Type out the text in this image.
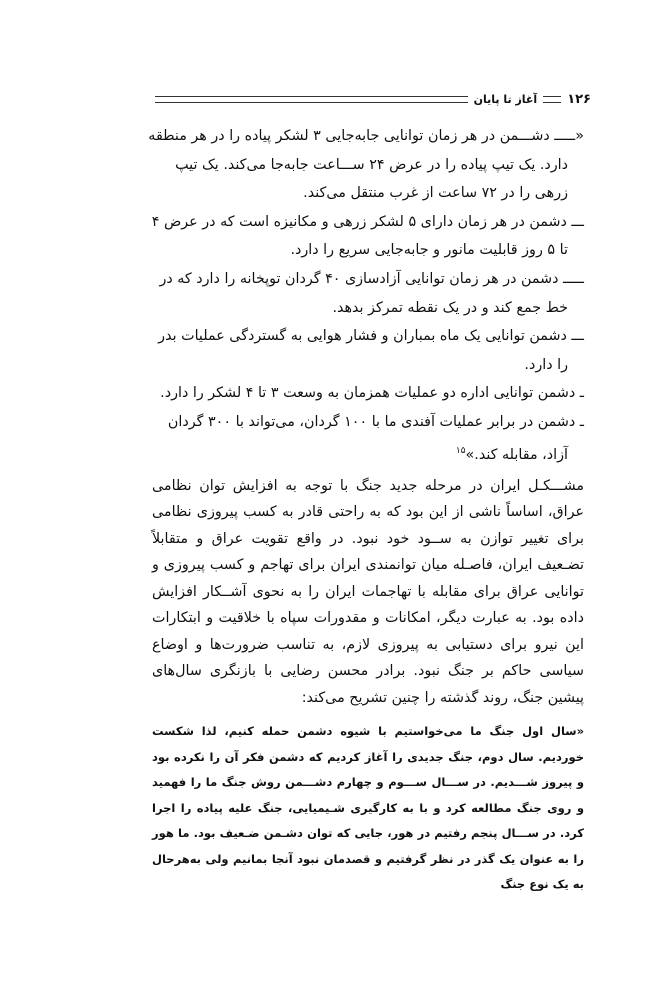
۱۲۶
آغاز تا پایان
«ـــــ دشـــمن در هر زمان توانایی جابه‌جایی ۳ لشکر پیاده را در هر منطقه
دارد. یک تیپ پیاده را در عرض ۲۴ ســـاعت جابه‌جا می‌کند. یک تیپ
زرهی را در ۷۲ ساعت از غرب منتقل می‌کند.
ـــ دشمن در هر زمان دارای ۵ لشکر زرهی و مکانیزه است که در عرض ۴
تا ۵ روز قابلیت مانور و جابه‌جایی سریع را دارد.
ـــــ دشمن در هر زمان توانایی آزادسازی ۴۰ گردان توپخانه را دارد که در
خط جمع کند و در یک نقطه تمرکز بدهد.
ـــ دشمن توانایی یک ماه بمباران و فشار هوایی به گستردگی عملیات بدر
را دارد.
ـ دشمن توانایی اداره دو عملیات همزمان به وسعت ۳ تا ۴ لشکر را دارد.
ـ دشمن در برابر عملیات آفندی ما با ۱۰۰ گردان، می‌تواند با ۳۰۰ گردان
آزاد، مقابله کند.»$^{۱۵}$

مشـــکـل ایران در مرحله جدید جنگ با توجه به افزایش توان نظامی عراق، اساساً ناشی از این بود که به راحتی قادر به کسب پیروزی نظامی برای تغییر توازن به ســود خود نبود. در واقع تقویت عراق و متقابلاً تضـعیف ایران، فاصـله میان توانمندی ایران برای تهاجم و کسب پیروزی و توانایی عراق برای مقابله با تهاجمات ایران را به نحوی آشــکار افزایش داده بود. به عبارت دیگر، امکانات و مقدورات سپاه با خلاقیت و ابتکارات این نیرو برای دستیابی به پیروزی لازم، به تناسب ضرورت‌ها و اوضاع سیاسی حاکم بر جنگ نبود. برادر محسن رضایی با بازنگری سال‌های پیشین جنگ، روند گذشته را چنین تشریح می‌کند:

«سال اول جنگ ما می‌خواستیم با شیوه دشمن حمله کنیم، لذا شکست خوردیم. سال دوم، جنگ جدیدی را آغاز کردیم که دشمن فکر آن را نکرده بود و پیروز شـــدیم. در ســـال ســـوم و چهارم دشـــمن روش جنگ ما را فهمید و روی جنگ مطالعه کرد و با به کارگیری شـیمیایی، جنگ علیه پیاده را اجرا کرد. در ســـال پنجم رفتیم در هور، جایی که توان دشـمن ضـعیف بود. ما هور را به عنوان یک گذر در نظر گرفتیم و قصدمان نبود آنجا بمانیم ولی به‌هرحال به یک نوع جنگ
